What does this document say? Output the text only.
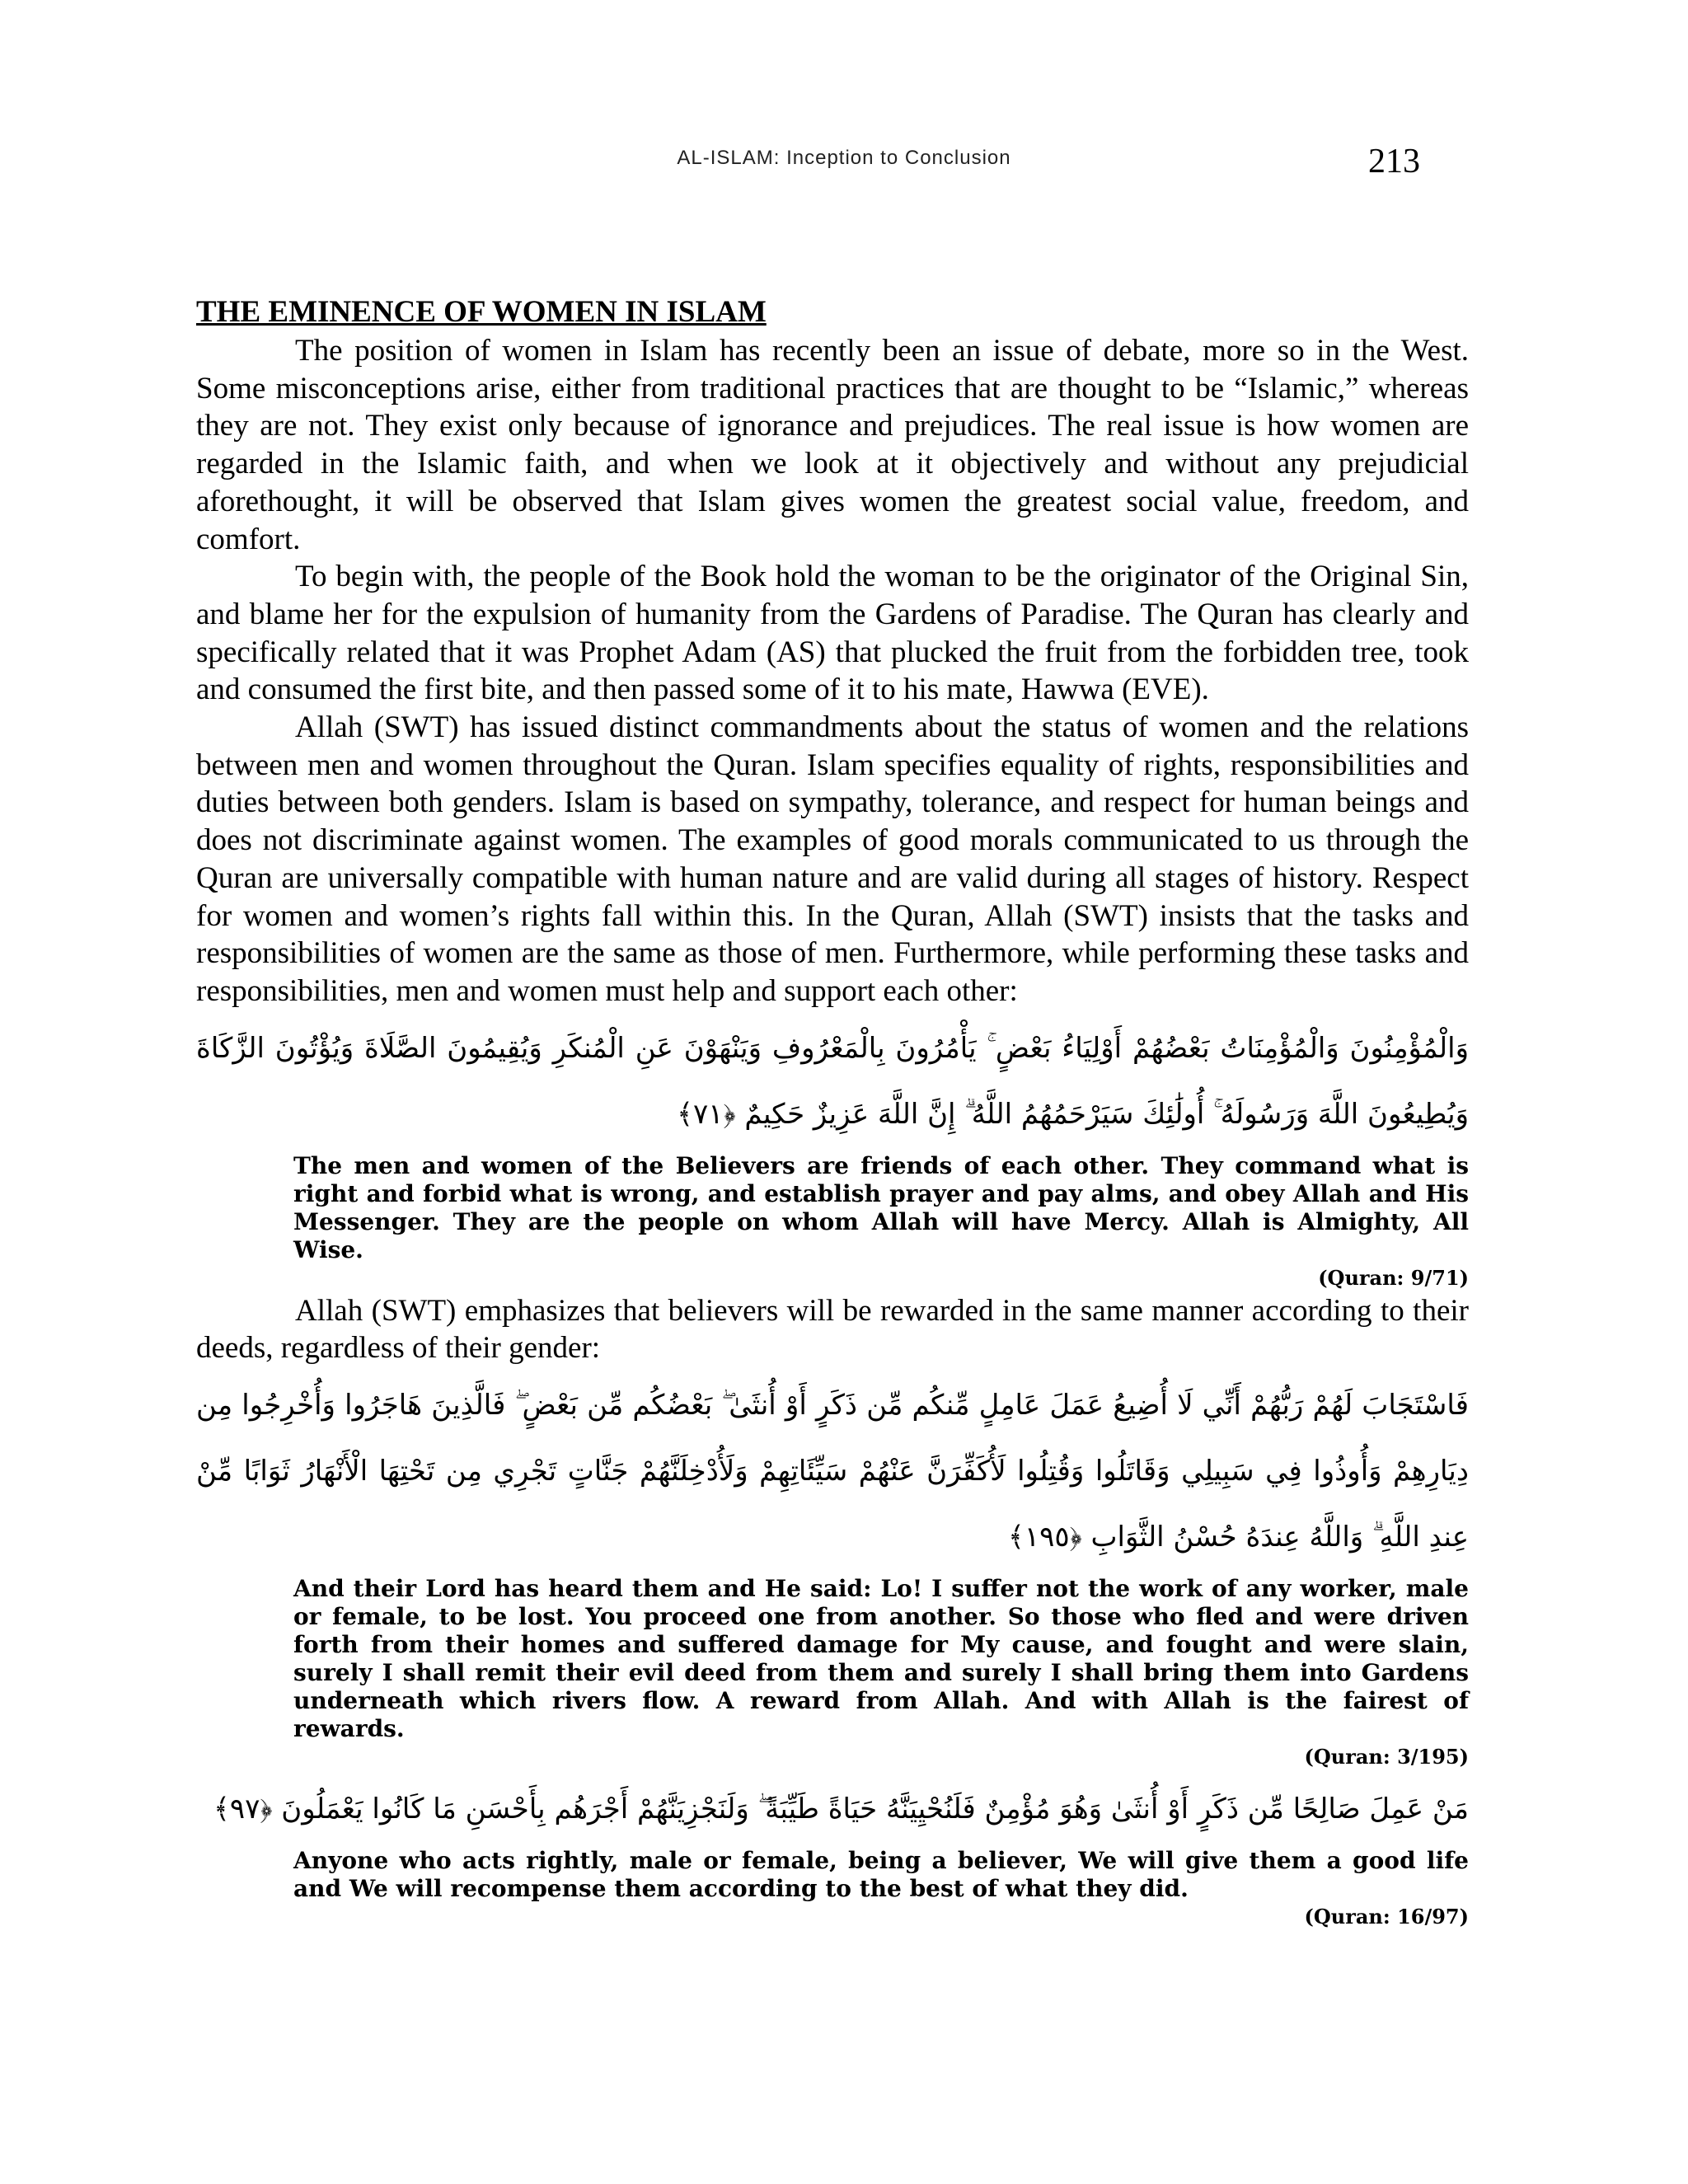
AL-ISLAM: Inception to Conclusion	213
THE EMINENCE OF WOMEN IN ISLAM

The position of women in Islam has recently been an issue of debate, more so in the West. Some misconceptions arise, either from traditional practices that are thought to be “Islamic,” whereas they are not. They exist only because of ignorance and prejudices. The real issue is how women are regarded in the Islamic faith, and when we look at it objectively and without any prejudicial aforethought, it will be observed that Islam gives women the greatest social value, freedom, and comfort.

To begin with, the people of the Book hold the woman to be the originator of the Original Sin, and blame her for the expulsion of humanity from the Gardens of Paradise. The Quran has clearly and specifically related that it was Prophet Adam (AS) that plucked the fruit from the forbidden tree, took and consumed the first bite, and then passed some of it to his mate, Hawwa (EVE).

Allah (SWT) has issued distinct commandments about the status of women and the relations between men and women throughout the Quran. Islam specifies equality of rights, responsibilities and duties between both genders. Islam is based on sympathy, tolerance, and respect for human beings and does not discriminate against women. The examples of good morals communicated to us through the Quran are universally compatible with human nature and are valid during all stages of history. Respect for women and women’s rights fall within this. In the Quran, Allah (SWT) insists that the tasks and responsibilities of women are the same as those of men. Furthermore, while performing these tasks and responsibilities, men and women must help and support each other:

وَالْمُؤْمِنُونَ وَالْمُؤْمِنَاتُ بَعْضُهُمْ أَوْلِيَاءُ بَعْضٍ ۚ يَأْمُرُونَ بِالْمَعْرُوفِ وَيَنْهَوْنَ عَنِ الْمُنكَرِ وَيُقِيمُونَ الصَّلَاةَ وَيُؤْتُونَ الزَّكَاةَ وَيُطِيعُونَ اللَّهَ وَرَسُولَهُ ۚ أُولَٰئِكَ سَيَرْحَمُهُمُ اللَّهُ ۗ إِنَّ اللَّهَ عَزِيزٌ حَكِيمٌ ﴿٧١﴾
The men and women of the Believers are friends of each other. They command what is right and forbid what is wrong, and establish prayer and pay alms, and obey Allah and His Messenger. They are the people on whom Allah will have Mercy. Allah is Almighty, All Wise.
(Quran: 9/71)

Allah (SWT) emphasizes that believers will be rewarded in the same manner according to their deeds, regardless of their gender:

فَاسْتَجَابَ لَهُمْ رَبُّهُمْ أَنِّي لَا أُضِيعُ عَمَلَ عَامِلٍ مِّنكُم مِّن ذَكَرٍ أَوْ أُنثَىٰ ۖ بَعْضُكُم مِّن بَعْضٍ ۖ فَالَّذِينَ هَاجَرُوا وَأُخْرِجُوا مِن دِيَارِهِمْ وَأُوذُوا فِي سَبِيلِي وَقَاتَلُوا وَقُتِلُوا لَأُكَفِّرَنَّ عَنْهُمْ سَيِّئَاتِهِمْ وَلَأُدْخِلَنَّهُمْ جَنَّاتٍ تَجْرِي مِن تَحْتِهَا الْأَنْهَارُ ثَوَابًا مِّنْ عِندِ اللَّهِ ۗ وَاللَّهُ عِندَهُ حُسْنُ الثَّوَابِ ﴿١٩٥﴾
And their Lord has heard them and He said: Lo! I suffer not the work of any worker, male or female, to be lost. You proceed one from another. So those who fled and were driven forth from their homes and suffered damage for My cause, and fought and were slain, surely I shall remit their evil deed from them and surely I shall bring them into Gardens underneath which rivers flow. A reward from Allah. And with Allah is the fairest of rewards.
(Quran: 3/195)
مَنْ عَمِلَ صَالِحًا مِّن ذَكَرٍ أَوْ أُنثَىٰ وَهُوَ مُؤْمِنٌ فَلَنُحْيِيَنَّهُ حَيَاةً طَيِّبَةً ۖ وَلَنَجْزِيَنَّهُمْ أَجْرَهُم بِأَحْسَنِ مَا كَانُوا يَعْمَلُونَ ﴿٩٧﴾
Anyone who acts rightly, male or female, being a believer, We will give them a good life and We will recompense them according to the best of what they did.
(Quran: 16/97)
